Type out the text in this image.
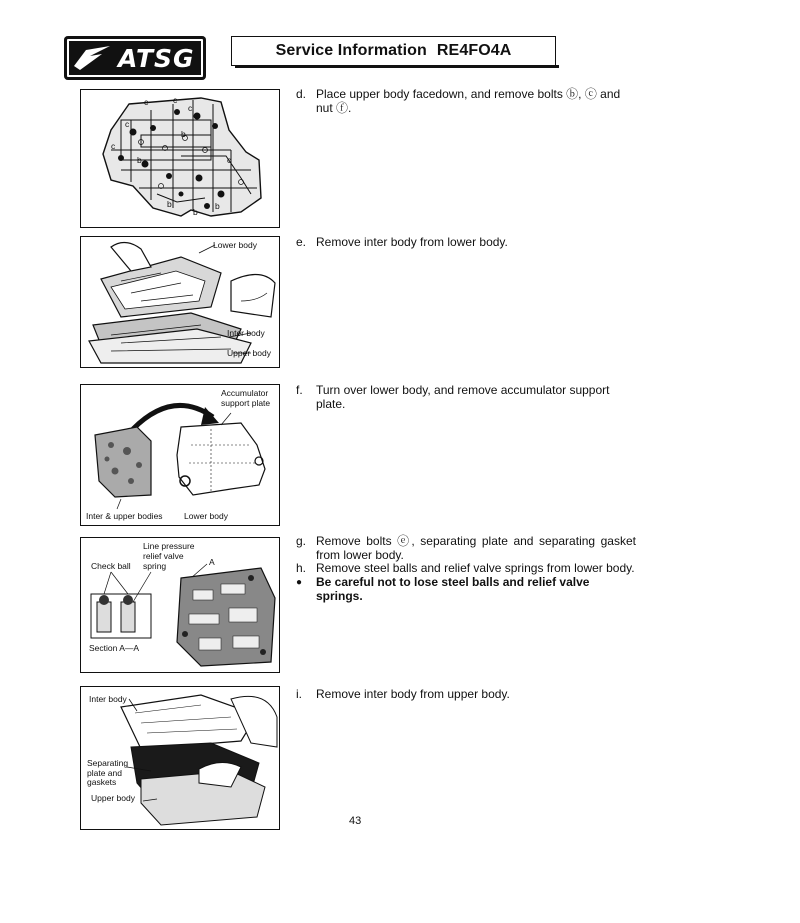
ATSG	Service Information RE4FO4A
c	c
c
c
c
c
b
b
b
b
b
Lower body
Inter body
Upper body
Accumulator support plate
Inter & upper bodies	Lower body
Line pressure relief valve
Check ball spring	A
Section A—A
Inter body
Separating plate and gaskets
Upper body
d. Place upper body facedown, and remove bolts ⓑ, ⓒ and nut ⓕ.
e. Remove inter body from lower body.
f. Turn over lower body, and remove accumulator support plate.
g. Remove bolts ⓔ, separating plate and separating gasket from lower body.
h. Remove steel balls and relief valve springs from lower body.
● Be careful not to lose steel balls and relief valve springs.
i. Remove inter body from upper body.
43
